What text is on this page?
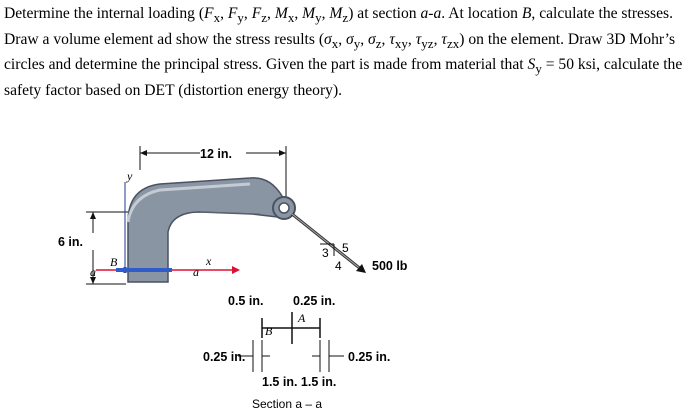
Determine the internal loading ($F_x$, $F_y$, $F_z$, $M_x$, $M_y$, $M_z$) at section a-a. At location B, calculate the stresses. Draw a volume element ad show the stress results ($\sigma_x$, $\sigma_y$, $\sigma_z$, $\tau_{xy}$, $\tau_{yz}$, $\tau_{zx}$) on the element. Draw 3D Mohr’s circles and determine the principal stress. Given the part is made from material that $S_y = 50$ ksi, calculate the safety factor based on DET (distortion energy theory).

12 in.
6 in.
y
x
B
a	a
3
4
5
500 lb
0.5 in. 0.25 in.
A
B
0.25 in.	0.25 in.
1.5 in. 1.5 in.
Section a – a
